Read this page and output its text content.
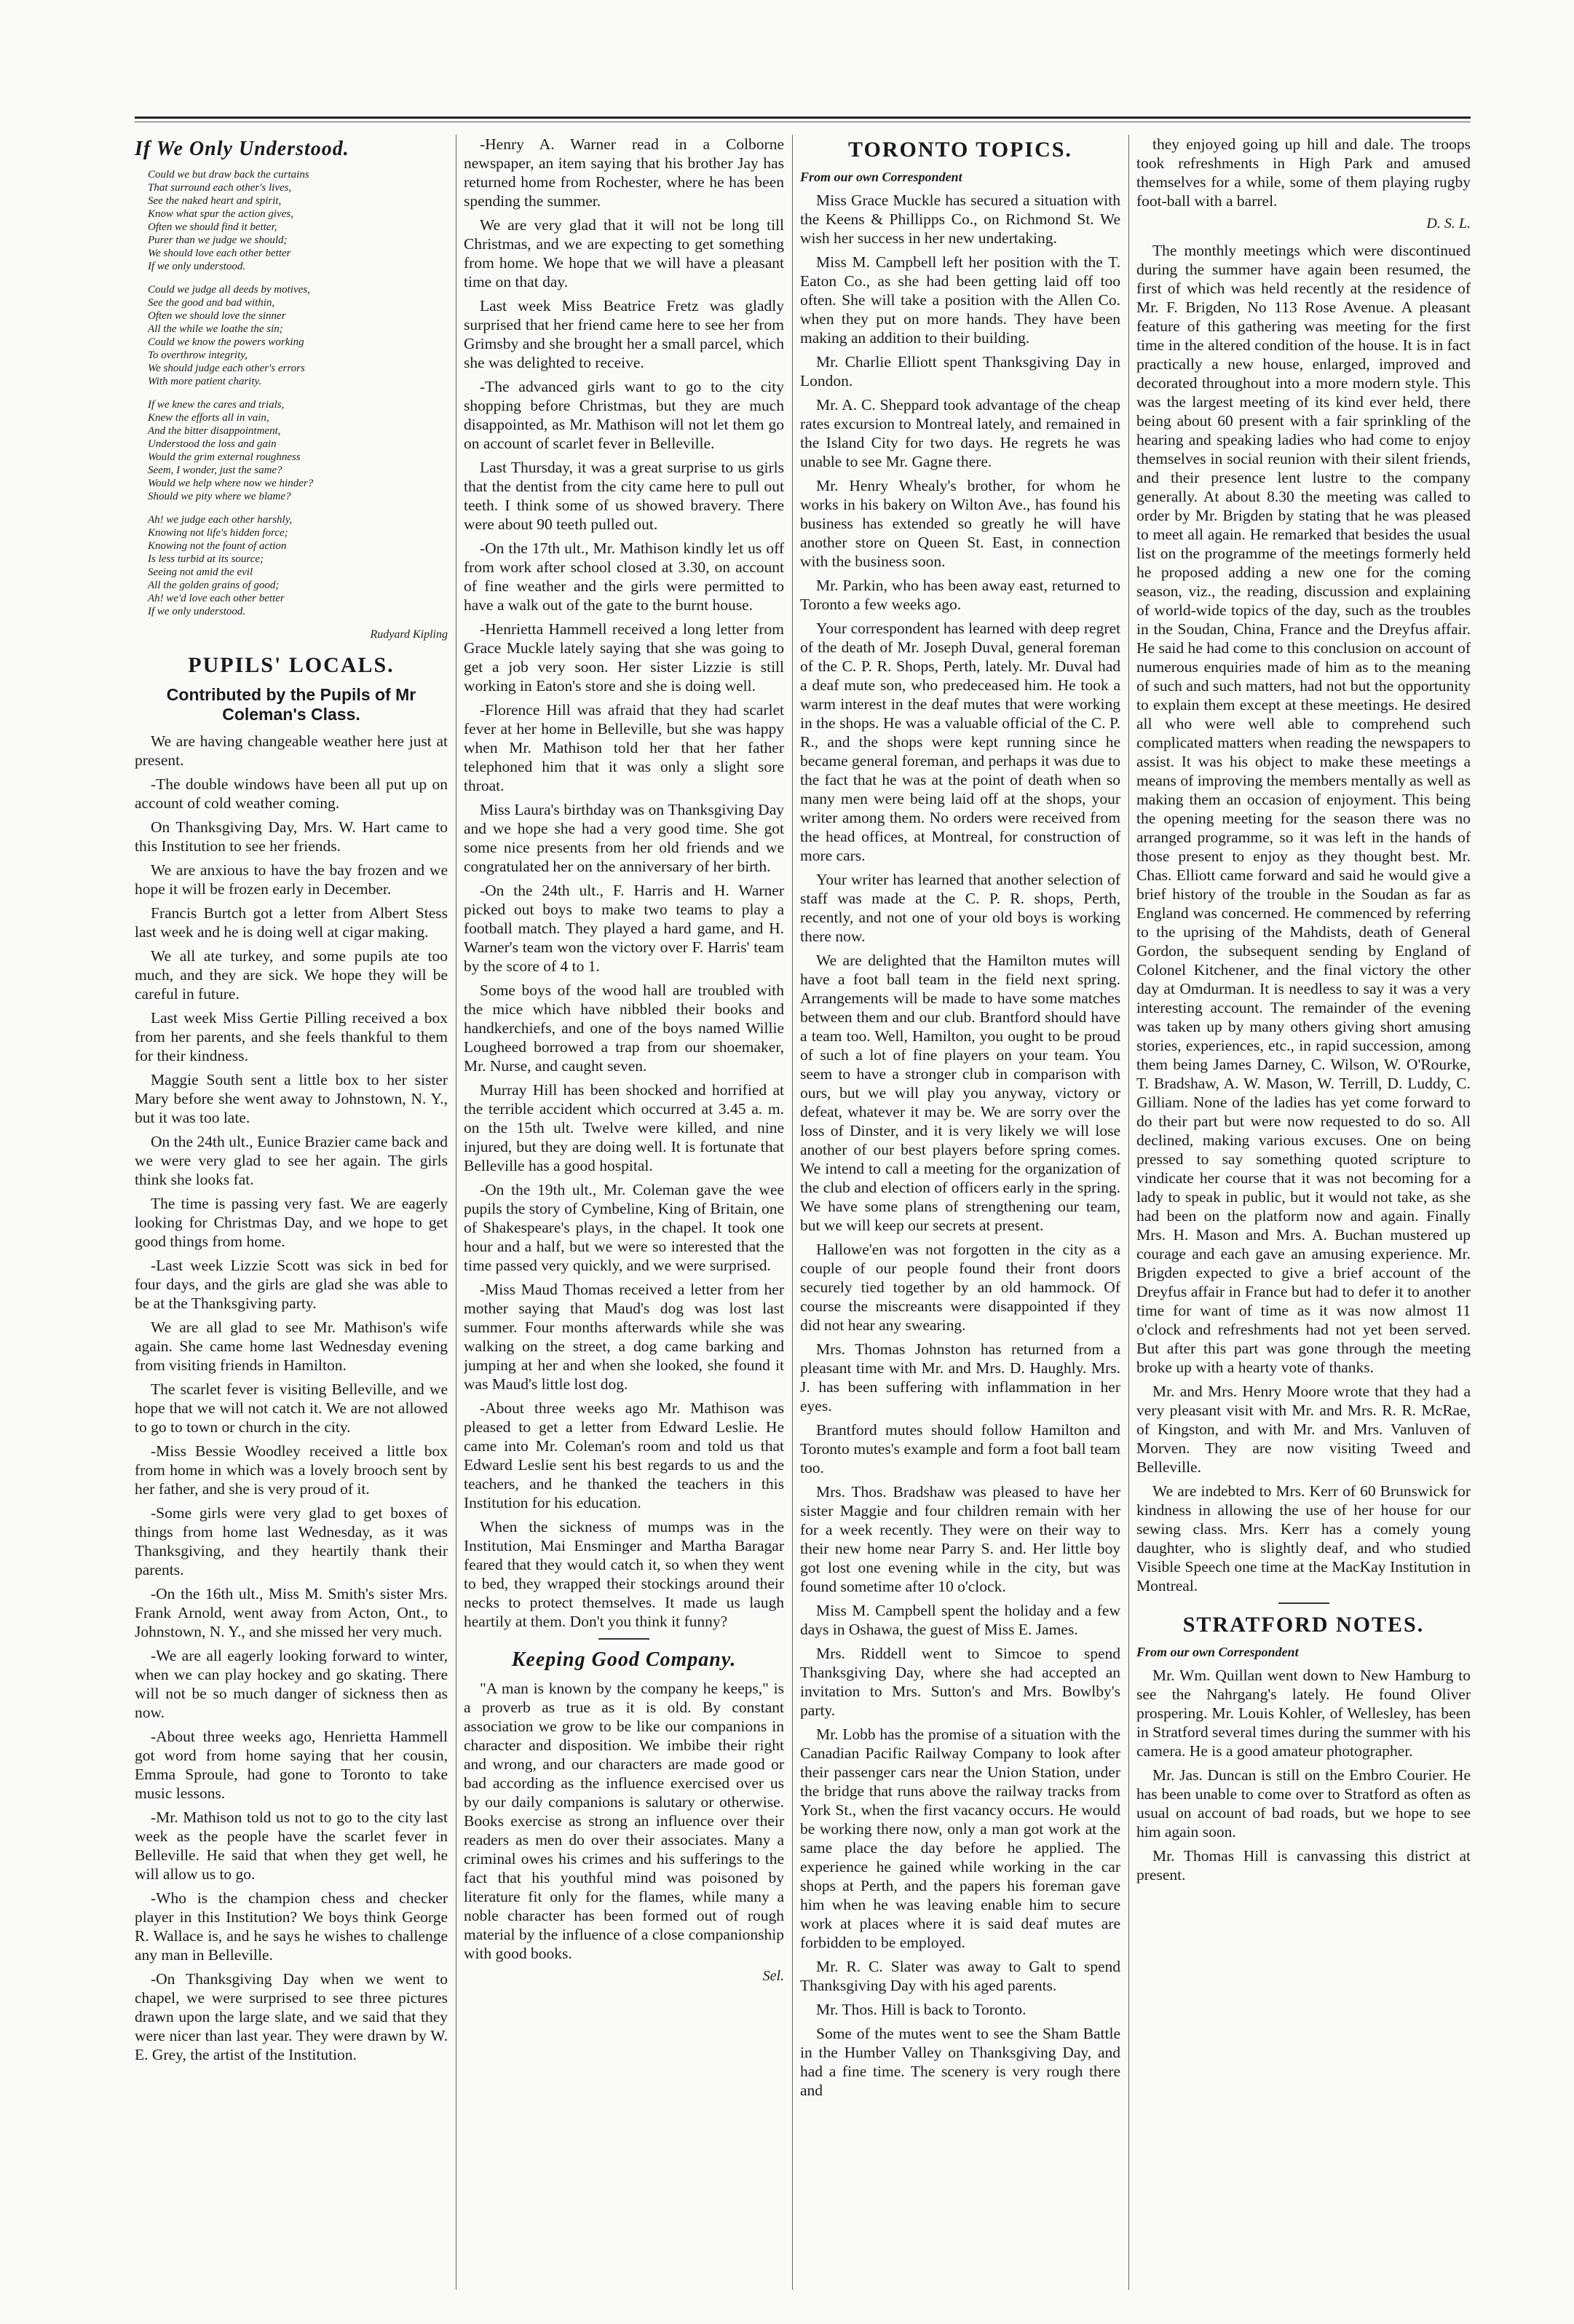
If We Only Understood.
Could we but draw back the curtains
That surround each other's lives,
See the naked heart and spirit,
Know what spur the action gives,
Often we should find it better,
Purer than we judge we should;
We should love each other better
If we only understood.
Could we judge all deeds by motives,
See the good and bad within,
Often we should love the sinner
All the while we loathe the sin;
Could we know the powers working
To overthrow integrity,
We should judge each other's errors
With more patient charity.
If we knew the cares and trials,
Knew the efforts all in vain,
And the bitter disappointment,
Understood the loss and gain
Would the grim external roughness
Seem, I wonder, just the same?
Would we help where now we hinder?
Should we pity where we blame?
Ah! we judge each other harshly,
Knowing not life's hidden force;
Knowing not the fount of action
Is less turbid at its source;
Seeing not amid the evil
All the golden grains of good;
Ah! we'd love each other better
If we only understood.
Rudyard Kipling
PUPILS' LOCALS.
Contributed by the Pupils of Mr Coleman's Class.

We are having changeable weather here just at present.

-The double windows have been all put up on account of cold weather coming.

On Thanksgiving Day, Mrs. W. Hart came to this Institution to see her friends.

We are anxious to have the bay frozen and we hope it will be frozen early in December.

Francis Burtch got a letter from Albert Stess last week and he is doing well at cigar making.

We all ate turkey, and some pupils ate too much, and they are sick. We hope they will be careful in future.

Last week Miss Gertie Pilling received a box from her parents, and she feels thankful to them for their kindness.

Maggie South sent a little box to her sister Mary before she went away to Johnstown, N. Y., but it was too late.

On the 24th ult., Eunice Brazier came back and we were very glad to see her again. The girls think she looks fat.

The time is passing very fast. We are eagerly looking for Christmas Day, and we hope to get good things from home.

-Last week Lizzie Scott was sick in bed for four days, and the girls are glad she was able to be at the Thanksgiving party.

We are all glad to see Mr. Mathison's wife again. She came home last Wednesday evening from visiting friends in Hamilton.

The scarlet fever is visiting Belleville, and we hope that we will not catch it. We are not allowed to go to town or church in the city.

-Miss Bessie Woodley received a little box from home in which was a lovely brooch sent by her father, and she is very proud of it.

-Some girls were very glad to get boxes of things from home last Wednesday, as it was Thanksgiving, and they heartily thank their parents.

-On the 16th ult., Miss M. Smith's sister Mrs. Frank Arnold, went away from Acton, Ont., to Johnstown, N. Y., and she missed her very much.

-We are all eagerly looking forward to winter, when we can play hockey and go skating. There will not be so much danger of sickness then as now.

-About three weeks ago, Henrietta Hammell got word from home saying that her cousin, Emma Sproule, had gone to Toronto to take music lessons.

-Mr. Mathison told us not to go to the city last week as the people have the scarlet fever in Belleville. He said that when they get well, he will allow us to go.

-Who is the champion chess and checker player in this Institution? We boys think George R. Wallace is, and he says he wishes to challenge any man in Belleville.

-On Thanksgiving Day when we went to chapel, we were surprised to see three pictures drawn upon the large slate, and we said that they were nicer than last year. They were drawn by W. E. Grey, the artist of the Institution.

-Henry A. Warner read in a Colborne newspaper, an item saying that his brother Jay has returned home from Rochester, where he has been spending the summer.

We are very glad that it will not be long till Christmas, and we are expecting to get something from home. We hope that we will have a pleasant time on that day.

Last week Miss Beatrice Fretz was gladly surprised that her friend came here to see her from Grimsby and she brought her a small parcel, which she was delighted to receive.

-The advanced girls want to go to the city shopping before Christmas, but they are much disappointed, as Mr. Mathison will not let them go on account of scarlet fever in Belleville.

Last Thursday, it was a great surprise to us girls that the dentist from the city came here to pull out teeth. I think some of us showed bravery. There were about 90 teeth pulled out.

-On the 17th ult., Mr. Mathison kindly let us off from work after school closed at 3.30, on account of fine weather and the girls were permitted to have a walk out of the gate to the burnt house.

-Henrietta Hammell received a long letter from Grace Muckle lately saying that she was going to get a job very soon. Her sister Lizzie is still working in Eaton's store and she is doing well.

-Florence Hill was afraid that they had scarlet fever at her home in Belleville, but she was happy when Mr. Mathison told her that her father telephoned him that it was only a slight sore throat.

Miss Laura's birthday was on Thanksgiving Day and we hope she had a very good time. She got some nice presents from her old friends and we congratulated her on the anniversary of her birth.

-On the 24th ult., F. Harris and H. Warner picked out boys to make two teams to play a football match. They played a hard game, and H. Warner's team won the victory over F. Harris' team by the score of 4 to 1.

Some boys of the wood hall are troubled with the mice which have nibbled their books and handkerchiefs, and one of the boys named Willie Lougheed borrowed a trap from our shoemaker, Mr. Nurse, and caught seven.

Murray Hill has been shocked and horrified at the terrible accident which occurred at 3.45 a. m. on the 15th ult. Twelve were killed, and nine injured, but they are doing well. It is fortunate that Belleville has a good hospital.

-On the 19th ult., Mr. Coleman gave the wee pupils the story of Cymbeline, King of Britain, one of Shakespeare's plays, in the chapel. It took one hour and a half, but we were so interested that the time passed very quickly, and we were surprised.

-Miss Maud Thomas received a letter from her mother saying that Maud's dog was lost last summer. Four months afterwards while she was walking on the street, a dog came barking and jumping at her and when she looked, she found it was Maud's little lost dog.

-About three weeks ago Mr. Mathison was pleased to get a letter from Edward Leslie. He came into Mr. Coleman's room and told us that Edward Leslie sent his best regards to us and the teachers, and he thanked the teachers in this Institution for his education.

When the sickness of mumps was in the Institution, Mai Ensminger and Martha Baragar feared that they would catch it, so when they went to bed, they wrapped their stockings around their necks to protect themselves. It made us laugh heartily at them. Don't you think it funny?

Keeping Good Company.

"A man is known by the company he keeps," is a proverb as true as it is old. By constant association we grow to be like our companions in character and disposition. We imbibe their right and wrong, and our characters are made good or bad according as the influence exercised over us by our daily companions is salutary or otherwise. Books exercise as strong an influence over their readers as men do over their associates. Many a criminal owes his crimes and his sufferings to the fact that his youthful mind was poisoned by literature fit only for the flames, while many a noble character has been formed out of rough material by the influence of a close companionship with good books.

Sel.
TORONTO TOPICS.
From our own Correspondent

Miss Grace Muckle has secured a situation with the Keens & Phillipps Co., on Richmond St. We wish her success in her new undertaking.

Miss M. Campbell left her position with the T. Eaton Co., as she had been getting laid off too often. She will take a position with the Allen Co. when they put on more hands. They have been making an addition to their building.

Mr. Charlie Elliott spent Thanksgiving Day in London.

Mr. A. C. Sheppard took advantage of the cheap rates excursion to Montreal lately, and remained in the Island City for two days. He regrets he was unable to see Mr. Gagne there.

Mr. Henry Whealy's brother, for whom he works in his bakery on Wilton Ave., has found his business has extended so greatly he will have another store on Queen St. East, in connection with the business soon.

Mr. Parkin, who has been away east, returned to Toronto a few weeks ago.

Your correspondent has learned with deep regret of the death of Mr. Joseph Duval, general foreman of the C. P. R. Shops, Perth, lately. Mr. Duval had a deaf mute son, who predeceased him. He took a warm interest in the deaf mutes that were working in the shops. He was a valuable official of the C. P. R., and the shops were kept running since he became general foreman, and perhaps it was due to the fact that he was at the point of death when so many men were being laid off at the shops, your writer among them. No orders were received from the head offices, at Montreal, for construction of more cars.

Your writer has learned that another selection of staff was made at the C. P. R. shops, Perth, recently, and not one of your old boys is working there now.

We are delighted that the Hamilton mutes will have a foot ball team in the field next spring. Arrangements will be made to have some matches between them and our club. Brantford should have a team too. Well, Hamilton, you ought to be proud of such a lot of fine players on your team. You seem to have a stronger club in comparison with ours, but we will play you anyway, victory or defeat, whatever it may be. We are sorry over the loss of Dinster, and it is very likely we will lose another of our best players before spring comes. We intend to call a meeting for the organization of the club and election of officers early in the spring. We have some plans of strengthening our team, but we will keep our secrets at present.

Hallowe'en was not forgotten in the city as a couple of our people found their front doors securely tied together by an old hammock. Of course the miscreants were disappointed if they did not hear any swearing.

Mrs. Thomas Johnston has returned from a pleasant time with Mr. and Mrs. D. Haughly. Mrs. J. has been suffering with inflammation in her eyes.

Brantford mutes should follow Hamilton and Toronto mutes's example and form a foot ball team too.

Mrs. Thos. Bradshaw was pleased to have her sister Maggie and four children remain with her for a week recently. They were on their way to their new home near Parry S. and. Her little boy got lost one evening while in the city, but was found sometime after 10 o'clock.

Miss M. Campbell spent the holiday and a few days in Oshawa, the guest of Miss E. James.

Mrs. Riddell went to Simcoe to spend Thanksgiving Day, where she had accepted an invitation to Mrs. Sutton's and Mrs. Bowlby's party.

Mr. Lobb has the promise of a situation with the Canadian Pacific Railway Company to look after their passenger cars near the Union Station, under the bridge that runs above the railway tracks from York St., when the first vacancy occurs. He would be working there now, only a man got work at the same place the day before he applied. The experience he gained while working in the car shops at Perth, and the papers his foreman gave him when he was leaving enable him to secure work at places where it is said deaf mutes are forbidden to be employed.

Mr. R. C. Slater was away to Galt to spend Thanksgiving Day with his aged parents.

Mr. Thos. Hill is back to Toronto.

Some of the mutes went to see the Sham Battle in the Humber Valley on Thanksgiving Day, and had a fine time. The scenery is very rough there and

they enjoyed going up hill and dale. The troops took refreshments in High Park and amused themselves for a while, some of them playing rugby foot-ball with a barrel.

D. S. L.

The monthly meetings which were discontinued during the summer have again been resumed, the first of which was held recently at the residence of Mr. F. Brigden, No 113 Rose Avenue. A pleasant feature of this gathering was meeting for the first time in the altered condition of the house. It is in fact practically a new house, enlarged, improved and decorated throughout into a more modern style. This was the largest meeting of its kind ever held, there being about 60 present with a fair sprinkling of the hearing and speaking ladies who had come to enjoy themselves in social reunion with their silent friends, and their presence lent lustre to the company generally. At about 8.30 the meeting was called to order by Mr. Brigden by stating that he was pleased to meet all again. He remarked that besides the usual list on the programme of the meetings formerly held he proposed adding a new one for the coming season, viz., the reading, discussion and explaining of world-wide topics of the day, such as the troubles in the Soudan, China, France and the Dreyfus affair. He said he had come to this conclusion on account of numerous enquiries made of him as to the meaning of such and such matters, had not but the opportunity to explain them except at these meetings. He desired all who were well able to comprehend such complicated matters when reading the newspapers to assist. It was his object to make these meetings a means of improving the members mentally as well as making them an occasion of enjoyment. This being the opening meeting for the season there was no arranged programme, so it was left in the hands of those present to enjoy as they thought best. Mr. Chas. Elliott came forward and said he would give a brief history of the trouble in the Soudan as far as England was concerned. He commenced by referring to the uprising of the Mahdists, death of General Gordon, the subsequent sending by England of Colonel Kitchener, and the final victory the other day at Omdurman. It is needless to say it was a very interesting account. The remainder of the evening was taken up by many others giving short amusing stories, experiences, etc., in rapid succession, among them being James Darney, C. Wilson, W. O'Rourke, T. Bradshaw, A. W. Mason, W. Terrill, D. Luddy, C. Gilliam. None of the ladies has yet come forward to do their part but were now requested to do so. All declined, making various excuses. One on being pressed to say something quoted scripture to vindicate her course that it was not becoming for a lady to speak in public, but it would not take, as she had been on the platform now and again. Finally Mrs. H. Mason and Mrs. A. Buchan mustered up courage and each gave an amusing experience. Mr. Brigden expected to give a brief account of the Dreyfus affair in France but had to defer it to another time for want of time as it was now almost 11 o'clock and refreshments had not yet been served. But after this part was gone through the meeting broke up with a hearty vote of thanks.

Mr. and Mrs. Henry Moore wrote that they had a very pleasant visit with Mr. and Mrs. R. R. McRae, of Kingston, and with Mr. and Mrs. Vanluven of Morven. They are now visiting Tweed and Belleville.

We are indebted to Mrs. Kerr of 60 Brunswick for kindness in allowing the use of her house for our sewing class. Mrs. Kerr has a comely young daughter, who is slightly deaf, and who studied Visible Speech one time at the MacKay Institution in Montreal.

STRATFORD NOTES.
From our own Correspondent

Mr. Wm. Quillan went down to New Hamburg to see the Nahrgang's lately. He found Oliver prospering. Mr. Louis Kohler, of Wellesley, has been in Stratford several times during the summer with his camera. He is a good amateur photographer.

Mr. Jas. Duncan is still on the Embro Courier. He has been unable to come over to Stratford as often as usual on account of bad roads, but we hope to see him again soon.

Mr. Thomas Hill is canvassing this district at present.
